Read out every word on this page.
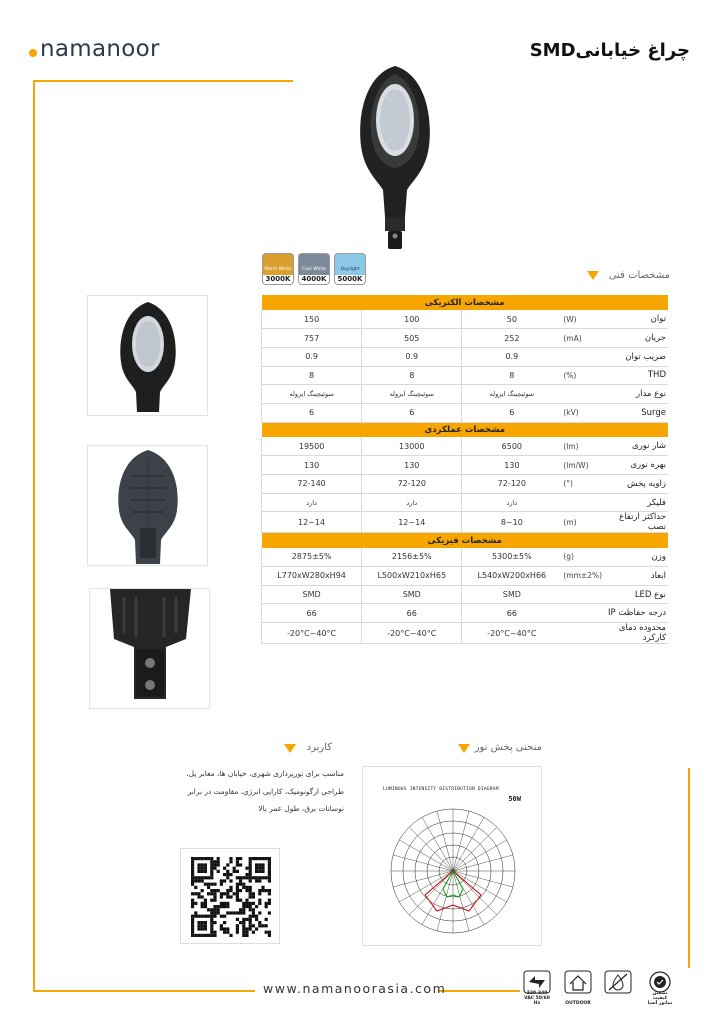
namanoor	چراغ خیابانیSMD
Warm White
3000K
Cool White
4000K
Daylight
5000K	مشخصات فنی
مشخصات الکتریکی				
150	100	50	(W)	توان
757	505	252	(mA)	جریان
0.9	0.9	0.9		ضریب توان
8	8	8	(%)	THD
سوئیچینگ ایزوله	سوئیچینگ ایزوله	سوئیچینگ ایزوله		نوع مدار
6	6	6	(kV)	Surge
مشخصات عملکردی				
19500	13000	6500	(lm)	شار نوری
130	130	130	(lm/W)	بهره نوری
72-140	72-120	72-120	(°)	زاویه پخش
دارد	دارد	دارد		فلیکر
12~14	12~14	8~10	(m)	حداکثر ارتفاع نصب
مشخصات فیزیکی				
2875±5%	2156±5%	5300±5%	(g)	وزن
L770xW280xH94	L500xW210xH65	L540xW200xH66	(mm±2%)	ابعاد
SMD	SMD	SMD		نوع LED
66	66	66		درجه حفاظت IP
-20°C~40°C	-20°C~40°C	-20°C~40°C		محدوده دمای کارکرد
کاربرد
مناسب برای نورپردازی شهری، خیابان ها، معابر پل، طراحی ارگونومیک، کارایی انرژی، مقاومت در برابر نوسانات برق، طول عمر بالا
منحنی پخش نور
LUMINOUS INTENSITY DISTRIBUTION DIAGRAM
50W
www.namanoorasia.com	220-240 VAC 50/60 Hz	OUTDOOR
تضمین کیفیت نمانور آسیا
